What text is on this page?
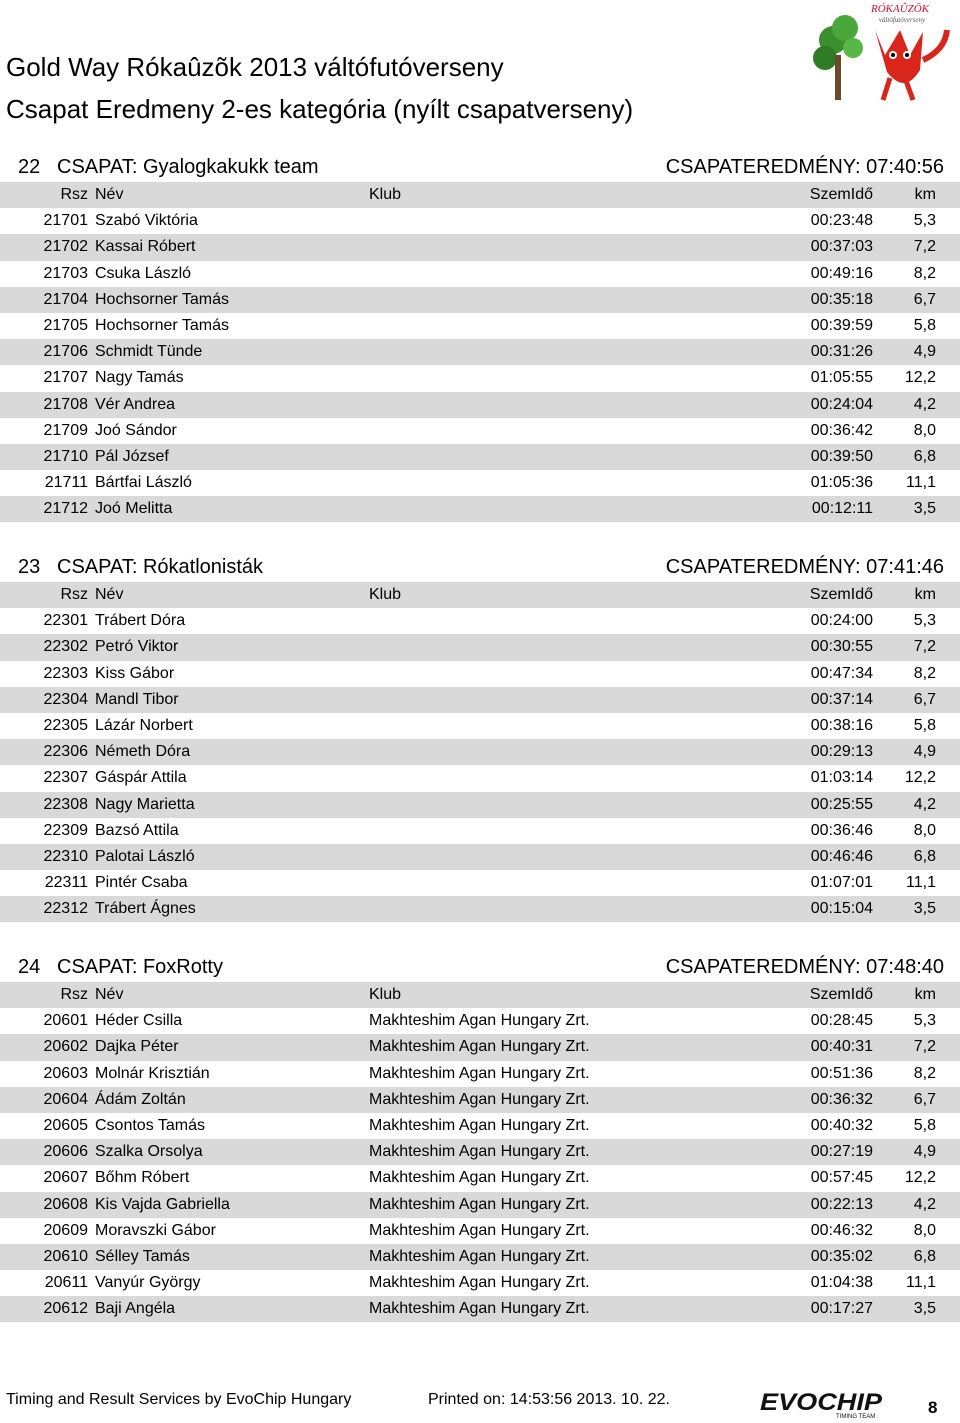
Gold Way Rókaûzõk 2013 váltófutóverseny
Csapat Eredmeny 2-es kategória (nyílt csapatverseny)
RÓKAÛZÕK
váltófutóverseny
22 CSAPAT: Gyalogkakukk team	CSAPATEREDMÉNY: 07:40:56
Rsz Név	Klub	SzemIdő	km
21701 Szabó Viktória	00:23:48	5,3
21702 Kassai Róbert	00:37:03	7,2
21703 Csuka László	00:49:16	8,2
21704 Hochsorner Tamás	00:35:18	6,7
21705 Hochsorner Tamás	00:39:59	5,8
21706 Schmidt Tünde	00:31:26	4,9
21707 Nagy Tamás	01:05:55	12,2
21708 Vér Andrea	00:24:04	4,2
21709 Joó Sándor	00:36:42	8,0
21710 Pál József	00:39:50	6,8
21711 Bártfai László	01:05:36	11,1
21712 Joó Melitta	00:12:11	3,5
23 CSAPAT: Rókatlonisták	CSAPATEREDMÉNY: 07:41:46
Rsz Név	Klub	SzemIdő	km
22301 Trábert Dóra	00:24:00	5,3
22302 Petró Viktor	00:30:55	7,2
22303 Kiss Gábor	00:47:34	8,2
22304 Mandl Tibor	00:37:14	6,7
22305 Lázár Norbert	00:38:16	5,8
22306 Németh Dóra	00:29:13	4,9
22307 Gáspár Attila	01:03:14	12,2
22308 Nagy Marietta	00:25:55	4,2
22309 Bazsó Attila	00:36:46	8,0
22310 Palotai László	00:46:46	6,8
22311 Pintér Csaba	01:07:01	11,1
22312 Trábert Ágnes	00:15:04	3,5
24 CSAPAT: FoxRotty	CSAPATEREDMÉNY: 07:48:40
Rsz Név	Klub	SzemIdő	km
20601 Héder Csilla	Makhteshim Agan Hungary Zrt.	00:28:45	5,3
20602 Dajka Péter	Makhteshim Agan Hungary Zrt.	00:40:31	7,2
20603 Molnár Krisztián	Makhteshim Agan Hungary Zrt.	00:51:36	8,2
20604 Ádám Zoltán	Makhteshim Agan Hungary Zrt.	00:36:32	6,7
20605 Csontos Tamás	Makhteshim Agan Hungary Zrt.	00:40:32	5,8
20606 Szalka Orsolya	Makhteshim Agan Hungary Zrt.	00:27:19	4,9
20607 Bőhm Róbert	Makhteshim Agan Hungary Zrt.	00:57:45	12,2
20608 Kis Vajda Gabriella	Makhteshim Agan Hungary Zrt.	00:22:13	4,2
20609 Moravszki Gábor	Makhteshim Agan Hungary Zrt.	00:46:32	8,0
20610 Sélley Tamás	Makhteshim Agan Hungary Zrt.	00:35:02	6,8
20611 Vanyúr György	Makhteshim Agan Hungary Zrt.	01:04:38	11,1
20612 Baji Angéla	Makhteshim Agan Hungary Zrt.	00:17:27	3,5
Timing and Result Services by EvoChip Hungary	Printed on: 14:53:56 2013. 10. 22.	8
EVOCHIP
TIMING TEAM
